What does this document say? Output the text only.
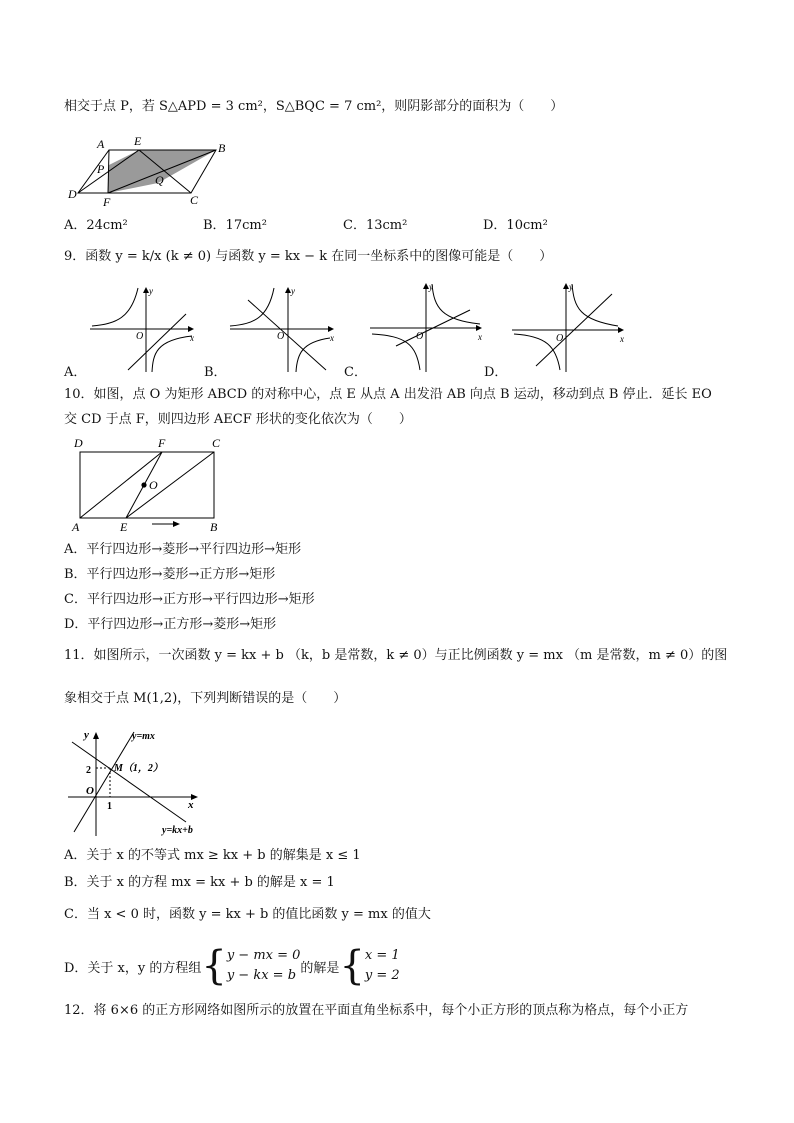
相交于点 P，若 S△APD = 3 cm²，S△BQC = 7 cm²，则阴影部分的面积为（　　）
A E	B
P
Q
D
F	C
A．24cm²	B．17cm²	C．13cm²	D．10cm²
9．函数 y = k/x (k ≠ 0) 与函数 y = kx − k 在同一坐标系中的图像可能是（　　）
y
x
O
A．
y
x
O
B．
y
x
O
C．
y
x
O
D．
10．如图，点 O 为矩形 ABCD 的对称中心，点 E 从点 A 出发沿 AB 向点 B 运动，移动到点 B 停止．延长 EO
交 CD 于点 F，则四边形 AECF 形状的变化依次为（　　）
D	F	C
O
A	E	B
A．平行四边形→菱形→平行四边形→矩形
B．平行四边形→菱形→正方形→矩形
C．平行四边形→正方形→平行四边形→矩形
D．平行四边形→正方形→菱形→矩形
11．如图所示，一次函数 y = kx + b （k，b 是常数，k ≠ 0）与正比例函数 y = mx （m 是常数，m ≠ 0）的图
象相交于点 M(1,2)，下列判断错误的是（　　）
y
x
O
2
1
y=mx
y=kx+b
M（1，2）
A．关于 x 的不等式 mx ≥ kx + b 的解集是 x ≤ 1
B．关于 x 的方程 mx = kx + b 的解是 x = 1
C．当 x < 0 时，函数 y = kx + b 的值比函数 y = mx 的值大
D．关于 x，y 的方程组 { y − mx = 0
y − kx = b 的解是 { x = 1
y = 2
12．将 6×6 的正方形网络如图所示的放置在平面直角坐标系中，每个小正方形的顶点称为格点，每个小正方
